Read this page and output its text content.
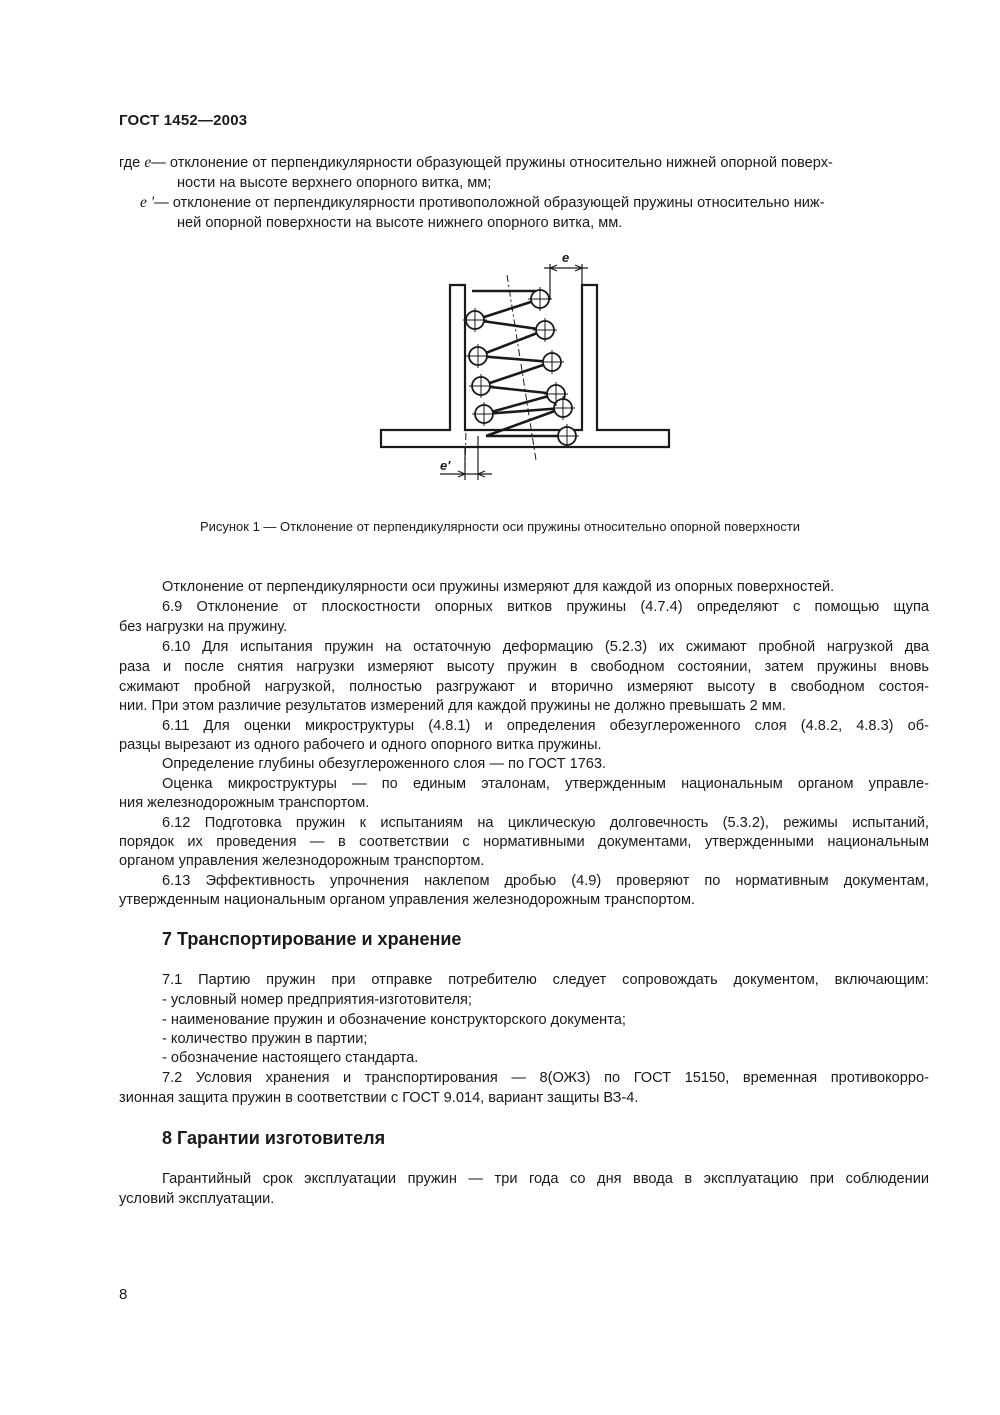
ГОСТ 1452—2003
где e— отклонение от перпендикулярности образующей пружины относительно нижней опорной поверх-
ности на высоте верхнего опорного витка, мм;
e '— отклонение от перпендикулярности противоположной образующей пружины относительно ниж-
ней опорной поверхности на высоте нижнего опорного витка, мм.
e
e'
Рисунок 1 — Отклонение от перпендикулярности оси пружины относительно опорной поверхности
Отклонение от перпендикулярности оси пружины измеряют для каждой из опорных поверхностей.
6.9 Отклонение от плоскостности опорных витков пружины (4.7.4) определяют с помощью щупа
без нагрузки на пружину.
6.10 Для испытания пружин на остаточную деформацию (5.2.3) их сжимают пробной нагрузкой два
раза и после снятия нагрузки измеряют высоту пружин в свободном состоянии, затем пружины вновь
сжимают пробной нагрузкой, полностью разгружают и вторично измеряют высоту в свободном состоя-
нии. При этом различие результатов измерений для каждой пружины не должно превышать 2 мм.
6.11 Для оценки микроструктуры (4.8.1) и определения обезуглероженного слоя (4.8.2, 4.8.3) об-
разцы вырезают из одного рабочего и одного опорного витка пружины.
Определение глубины обезуглероженного слоя — по ГОСТ 1763.
Оценка микроструктуры — по единым эталонам, утвержденным национальным органом управле-
ния железнодорожным транспортом.
6.12 Подготовка пружин к испытаниям на циклическую долговечность (5.3.2), режимы испытаний,
порядок их проведения — в соответствии с нормативными документами, утвержденными национальным
органом управления железнодорожным транспортом.
6.13 Эффективность упрочнения наклепом дробью (4.9) проверяют по нормативным документам,
утвержденным национальным органом управления железнодорожным транспортом.
7 Транспортирование и хранение
7.1 Партию пружин при отправке потребителю следует сопровождать документом, включающим:
- условный номер предприятия-изготовителя;
- наименование пружин и обозначение конструкторского документа;
- количество пружин в партии;
- обозначение настоящего стандарта.
7.2 Условия хранения и транспортирования — 8(ОЖЗ) по ГОСТ 15150, временная противокорро-
зионная защита пружин в соответствии с ГОСТ 9.014, вариант защиты ВЗ-4.
8 Гарантии изготовителя
Гарантийный срок эксплуатации пружин — три года со дня ввода в эксплуатацию при соблюдении
условий эксплуатации.
8
